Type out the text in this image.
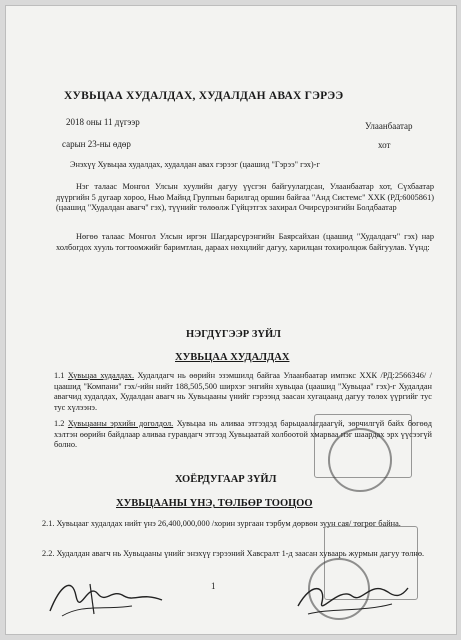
ХУВЬЦАА ХУДАЛДАХ, ХУДАЛДАН АВАХ ГЭРЭЭ
2018 оны 11 дүгээр	Улаанбаатар
сарын 23-ны өдөр	хот
Энэхүү Хувьцаа худалдах, худалдан авах гэрээг (цаашид "Гэрээ" гэх)-г
Нэг талаас Монгол Улсын хуулийн дагуу үүсгэн байгуулагдсан, Улаанбаатар хот, Сүхбаатар дүүргийн 5 дугаар хороо, Нью Майнд Группын барилгад оршин байгаа "Анд Системс" ХХК (РД:6005861) (цаашид "Худалдан авагч" гэх), түүнийг төлөөлж Гүйцэтгэх захирал Очирсүрэнгийн Болдбаатар
Нөгөө талаас Монгол Улсын иргэн Шагдарсүрэнгийн Баярсайхан (цаашид "Худалдагч" гэх) нар холбогдох хууль тогтоомжийг баримтлан, дараах нөхцлийг дагуу, харилцан тохиролцож байгуулав. Үүнд:
НЭГДҮГЭЭР ЗҮЙЛ
ХУВЬЦАА ХУДАЛДАХ
1.1 Хувьцаа худалдах. Худалдагч нь өөрийн эзэмшилд байгаа Улаанбаатар импэкс ХХК /РД:2566346/ /цаашид "Компани" гэх/-ийн нийт 188,505,500 ширхэг энгийн хувьцаа (цаашид "Хувьцаа" гэх)-г Худалдан авагчид худалдах, Худалдан авагч нь Хувьцааны үнийг гэрээнд заасан хугацаанд дагуу төлөх үүргийг тус тус хүлээнэ.
1.2 Хувьцааны эрхийн доголдол. Хувьцаа нь аливаа этгээдэд барьцаалагдаагүй, зөрчилгүй байх бөгөөд хэлтэн өөрийн байдлаар аливаа гуравдагч этгээд Хувьцаатай холбоотой хмарваа нэг шаардах эрх үүсээгүй болно.
ХОЁРДУГААР ЗҮЙЛ
ХУВЬЦААНЫ ҮНЭ, ТӨЛБӨР ТООЦОО
2.1. Хувьцааг худалдах нийт үнэ 26,400,000,000 /хорин зургаан тэрбум дөрвөн зуун сая/ төгрөг байна.
2.2. Худалдан авагч нь Хувьцааны үнийг энэхүү гэрээний Хавсралт 1-д заасан хуваарь журмын дагуу төлнө.
1
